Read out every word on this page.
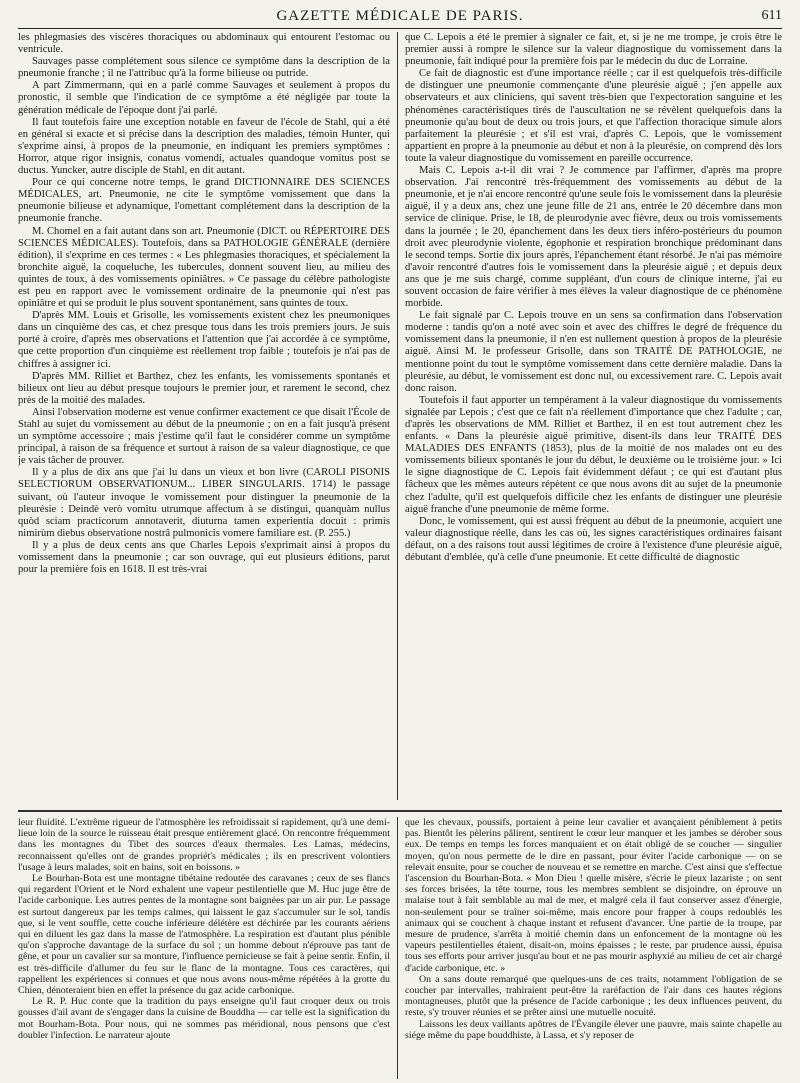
GAZETTE MÉDICALE DE PARIS.	611

les phlegmasies des viscères thoraciques ou abdominaux qui entourent l'estomac ou ventricule.

Sauvages passe complétement sous silence ce symptôme dans la description de la pneumonie franche ; il ne l'attribuc qu'à la forme bilieuse ou putride.

A part Zimmermann, qui en a parlé comme Sauvages et seulement à propos du pronostic, il semble que l'indication de ce symptôme a été négligée par toute la génération médicale de l'époque dont j'ai parlé.

Il faut toutefois faire une exception notable en faveur de l'école de Stahl, qui a été en général si exacte et si précise dans la description des maladies, témoin Hunter, qui s'exprime ainsi, à propos de la pneumonie, en indiquant les premiers symptômes : Horror, atque rigor insignis, conatus vomendi, actuales quandoque vomitus post se ductus. Yuncker, autre disciple de Stahl, en dit autant.

Pour ce qui concerne notre temps, le grand DICTIONNAIRE DES SCIENCES MÉDICALES, art. Pneumonie, ne cite le symptôme vomissement que dans la pneumonie bilieuse et adynamique, l'omettant complétement dans la description de la pneumonie franche.

M. Chomel en a fait autant dans son art. Pneumonie (DICT. ou RÉPERTOIRE DES SCIENCES MÉDICALES). Toutefois, dans sa PATHOLOGIE GÉNÉRALE (dernière édition), il s'exprime en ces termes : « Les phlegmasies thoraciques, et spécialement la bronchite aiguë, la coqueluche, les tubercules, donnent souvent lieu, au milieu des quintes de toux, à des vomissements opiniâtres. » Ce passage du célèbre pathologiste est peu en rapport avec le vomissement ordinaire de la pneumonie qui n'est pas opiniâtre et qui se produit le plus souvent spontanément, sans quintes de toux.

D'après MM. Louis et Grisolle, les vomissements existent chez les pneumoniques dans un cinquième des cas, et chez presque tous dans les trois premiers jours. Je suis porté à croire, d'après mes observations et l'attention que j'ai accordée à ce symptôme, que cette proportion d'un cinquième est réellement trop faible ; toutefois je n'ai pas de chiffres à assigner ici.

D'après MM. Rilliet et Barthez, chez les enfants, les vomissements spontanés et bilieux ont lieu au début presque toujours le premier jour, et rarement le second, chez près de la moitié des malades.

Ainsi l'observation moderne est venue confirmer exactement ce que disait l'École de Stahl au sujet du vomissement au début de la pneumonie ; on en a fait jusqu'à présent un symptôme accessoire ; mais j'estime qu'il faut le considérer comme un symptôme principal, à raison de sa fréquence et surtout à raison de sa valeur diagnostique, ce que je vais tâcher de prouver.

Il y a plus de dix ans que j'ai lu dans un vieux et bon livre (CAROLI PISONIS SELECTIORUM OBSERVATIONUM... LIBER SINGULARIS. 1714) le passage suivant, où l'auteur invoque le vomissement pour distinguer la pneumonie de la pleurésie : Deindè verò vomitu utrumque affectum à se distingui, quanquàm nullus quòd sciam practicorum annotaverit, diuturna tamen experientia docuit : primis nimirùm diebus observatione nostrâ pulmonicis vomere familiare est. (P. 255.)

Il y a plus de deux cents ans que Charles Lepois s'exprimait ainsi à propos du vomissement dans la pneumonie ; car son ouvrage, qui eut plusieurs éditions, parut pour la première fois en 1618. Il est très-vrai

que C. Lepois a été le premier à signaler ce fait, et, si je ne me trompe, je crois être le premier aussi à rompre le silence sur la valeur diagnostique du vomissement dans la pneumonie, fait indiqué pour la première fois par le médecin du duc de Lorraine.

Ce fait de diagnostic est d'une importance réelle ; car il est quelquefois très-difficile de distinguer une pneumonie commençante d'une pleurésie aiguë ; j'en appelle aux observateurs et aux cliniciens, qui savent très-bien que l'expectoration sanguine et les phénomènes caractéristiques tirés de l'auscultation ne se révèlent quelquefois dans la pneumonie qu'au bout de deux ou trois jours, et que l'affection thoracique simule alors parfaitement la pleurésie ; et s'il est vrai, d'après C. Lepois, que le vomissement appartient en propre à la pneumonie au début et non à la pleurésie, on comprend dès lors toute la valeur diagnostique du vomissement en pareille occurrence.

Mais C. Lepois a-t-il dit vrai ? Je commence par l'affirmer, d'après ma propre observation. J'ai rencontré très-fréquemment des vomissements au début de la pneumonie, et je n'ai encore rencontré qu'une seule fois le vomissement dans la pleurésie aiguë, il y a deux ans, chez une jeune fille de 21 ans, entrée le 20 décembre dans mon service de clinique. Prise, le 18, de pleurodynie avec fièvre, deux ou trois vomissements dans la journée ; le 20, épanchement dans les deux tiers inféro-postérieurs du poumon droit avec pleurodynie violente, égophonie et respiration bronchique prédominant dans le second temps. Sortie dix jours après, l'épanchement étant résorbé. Je n'ai pas mémoire d'avoir rencontré d'autres fois le vomissement dans la pleurésie aiguë ; et depuis deux ans que je me suis chargé, comme suppléant, d'un cours de clinique interne, j'ai eu souvent occasion de faire vérifier à mes élèves la valeur diagnostique de ce phénomène morbide.

Le fait signalé par C. Lepois trouve en un sens sa confirmation dans l'observation moderne : tandis qu'on a noté avec soin et avec des chiffres le degré de fréquence du vomissement dans la pneumonie, il n'en est nullement question à propos de la pleurésie aiguë. Ainsi M. le professeur Grisolle, dans son TRAITÉ DE PATHOLOGIE, ne mentionne point du tout le symptôme vomissement dans cette dernière maladie. Dans la pleurésie, au début, le vomissement est donc nul, ou excessivement rare. C. Lepois avait donc raison.

Toutefois il faut apporter un tempérament à la valeur diagnostique du vomissements signalée par Lepois ; c'est que ce fait n'a réellement d'importance que chez l'adulte ; car, d'après les observations de MM. Rilliet et Barthez, il en est tout autrement chez les enfants. « Dans la pleurésie aiguë primitive, disent-ils dans leur TRAITÉ DES MALADIES DES ENFANTS (1853), plus de la moitié de nos malades ont eu des vomissements bilieux spontanés le jour du début, le deuxième ou le troisième jour. » Ici le signe diagnostique de C. Lepois fait évidemment défaut ; ce qui est d'autant plus fâcheux que les mêmes auteurs répètent ce que nous avons dit au sujet de la pneumonie chez l'adulte, qu'il est quelquefois difficile chez les enfants de distinguer une pleurésie aiguë franche d'une pneumonie de même forme.

Donc, le vomissement, qui est aussi fréquent au début de la pneumonie, acquiert une valeur diagnostique réelle, dans les cas où, les signes caractéristiques ordinaires faisant défaut, on a des raisons tout aussi légitimes de croire à l'existence d'une pleurésie aiguë, débutant d'emblée, qu'à celle d'une pneumonie. Et cette difficulté de diagnostic

leur fluidité. L'extrême rigueur de l'atmosphère les refroidissait si rapidement, qu'à une demi-lieue loin de la source le ruisseau était presque entièrement glacé. On rencontre fréquemment dans les montagnes du Tibet des sources d'eaux thermales. Les Lamas, médecins, reconnaissent qu'elles ont de grandes propriét's médicales ; ils en prescrivent volontiers l'usage à leurs malades, soit en bains, soit en boissons. »

Le Bourhan-Bota est une montagne tibétaine redoutée des caravanes ; ceux de ses flancs qui regardent l'Orient et le Nord exhalent une vapeur pestilentielle que M. Huc juge être de l'acide carbonique. Les autres pentes de la montagne sont baignées par un air pur. Le passage est surtout dangereux par les temps calmes, qui laissent le gaz s'accumuler sur le sol, tandis que, si le vent souffle, cette couche inférieure délétère est déchirée par les courants aériens qui en diluent les gaz dans la masse de l'atmosphère. La respiration est d'autant plus pénible qu'on s'approche davantage de la surface du sol ; un homme debout n'éprouve pas tant de gêne, et pour un cavalier sur sa monture, l'influence pernicieuse se fait à peine sentir. Enfin, il est très-difficile d'allumer du feu sur le flanc de la montagne. Tous ces caractères, qui rappellent les expériences si connues et que nous avons nous-même répétées à la grotte du Chien, dénoteraient bien en effet la présence du gaz acide carbonique.

Le R. P. Huc conte que la tradition du pays enseigne qu'il faut croquer deux ou trois gousses d'ail avant de s'engager dans la cuisine de Bouddha — car telle est la signification du mot Bourham-Bota. Pour nous, qui ne sommes pas méridional, nous pensons que c'est doubler l'infection. Le narrateur ajoute

que les chevaux, poussifs, portaient à peine leur cavalier et avançaient péniblement à petits pas. Bientôt les pèlerins pâlirent, sentirent le cœur leur manquer et les jambes se dérober sous eux. De temps en temps les forces manquaient et on était obligé de se coucher — singulier moyen, qu'on nous permette de le dire en passant, pour éviter l'acide carbonique — on se relevait ensuite, pour se coucher de nouveau et se remettre en marche. C'est ainsi que s'effectue l'ascension du Bourhan-Bota. « Mon Dieu ! quelle misère, s'écrie le pieux lazariste ; on sent ses forces brisées, la tête tourne, tous les membres semblent se disjoindre, on éprouve un malaise tout à fait semblable au mal de mer, et malgré cela il faut conserver assez d'énergie, non-seulement pour se traîner soi-même, mais encore pour frapper à coups redoublés les animaux qui se couchent à chaque instant et refusent d'avancer. Une partie de la troupe, par mesure de prudence, s'arrêta à moitié chemin dans un enfoncement de la montagne où les vapeurs pestilentielles étaient, disait-on, moins épaisses ; le reste, par prudence aussi, épuisa tous ses efforts pour arriver jusqu'au bout et ne pas mourir asphyxié au milieu de cet air chargé d'acide carbonique, etc. »

On a sans doute remarqué que quelques-uns de ces traits, notamment l'obligation de se coucher par intervalles, trahiraient peut-être la raréfaction de l'air dans ces hautes régions montagneuses, plutôt que la présence de l'acide carbonique ; les deux influences peuvent, du reste, s'y trouver réunies et se prêter ainsi une mutuelle nocuité.

Laissons les deux vaillants apôtres de l'Évangile élever une pauvre, mais sainte chapelle au siége même du pape bouddhiste, à Lassa, et s'y reposer de
